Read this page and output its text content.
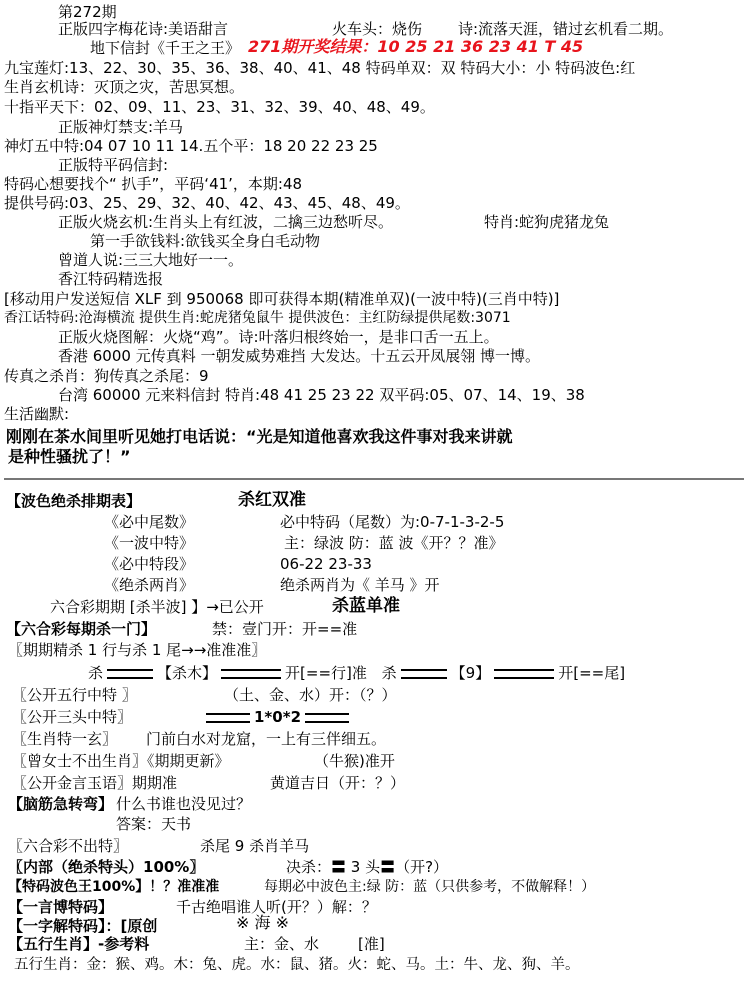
第272期
正版四字梅花诗:美语甜言	火车头：烧伤 诗:流落天涯，错过玄机看二期。
地下信封《千王之王》 271期开奖结果：10 25 21 36 23 41 T 45
九宝莲灯:13、22、30、35、36、38、40、41、48 特码单双：双 特码大小：小 特码波色:红
生肖玄机诗：灭顶之灾，苦思冥想。
十指平天下：02、09、11、23、31、32、39、40、48、49。
正版神灯禁支:羊马
神灯五中特:04 07 10 11 14.五个平：18 20 22 23 25
正版特平码信封:
特码心想要找个“ 扒手”，平码‘41’，本期:48
提供号码:03、25、29、32、40、42、43、45、48、49。
正版火烧玄机:生肖头上有红波，二擒三边愁听尽。	特肖:蛇狗虎猪龙兔
第一手欲钱料:欲钱买全身白毛动物
曾道人说:三三大地好一一。
香江特码精选报
[移动用户发送短信 XLF 到 950068 即可获得本期(精准单双)(一波中特)(三肖中特)]
香江话特码:沧海横流 提供生肖:蛇虎猪兔鼠牛 提供波色：主红防绿提供尾数:3071
正版火烧图解：火烧“鸡”。诗:叶落归根终始一，是非口舌一五上。
香港 6000 元传真料 一朝发威势难挡 大发达。十五云开凤展翎 博一博。
传真之杀肖：狗传真之杀尾：9
台湾 60000 元来料信封 特肖:48 41 25 23 22 双平码:05、07、14、19、38
生活幽默:
刚刚在茶水间里听见她打电话说：“光是知道他喜欢我这件事对我来讲就
是种性骚扰了！”
【波色绝杀排期表】	杀红双准
《必中尾数》	必中特码（尾数）为:0-7-1-3-2-5
《一波中特》	主：绿波 防：蓝 波《开？？准》
《必中特段》	06-22 23-33
《绝杀两肖》	绝杀两肖为《 羊马 》开
六合彩期期 [杀半波] 】→已公开	杀蓝单准
【六合彩每期杀一门】	禁：壹门开：开==准
〖期期精杀 1 行与杀 1 尾→→准准准〗
杀	【杀木】	开[==行]准 杀	【9】	开[==尾]
〖公开五行中特 〗	（土、金、水）开：（？）
〖公开三头中特〗	1*0*2
〖生肖特一玄〗 门前白水对龙窟，一上有三伴细五。
〖曾女士不出生肖〗《期期更新》	（牛猴)准开
〖公开金言玉语〗期期准	黄道吉日（开：？）
【脑筋急转弯】 什么书谁也没见过？
答案：天书
〖六合彩不出特〗	杀尾 9 杀肖羊马
〖内部（绝杀特头）100%〗	决杀：〓 3 头〓（开?）
【特码波色王100%】！？准准准	每期必中波色主:绿 防：蓝（只供参考，不做解释！）
【一言博特码】	千古绝唱谁人听(开？）解：？
【一字解特码】：[原创	※ 海 ※
【五行生肖】-参考料	主：金、水	[准]
五行生肖：金：猴、鸡。木：兔、虎。水：鼠、猪。火：蛇、马。土：牛、龙、狗、羊。
